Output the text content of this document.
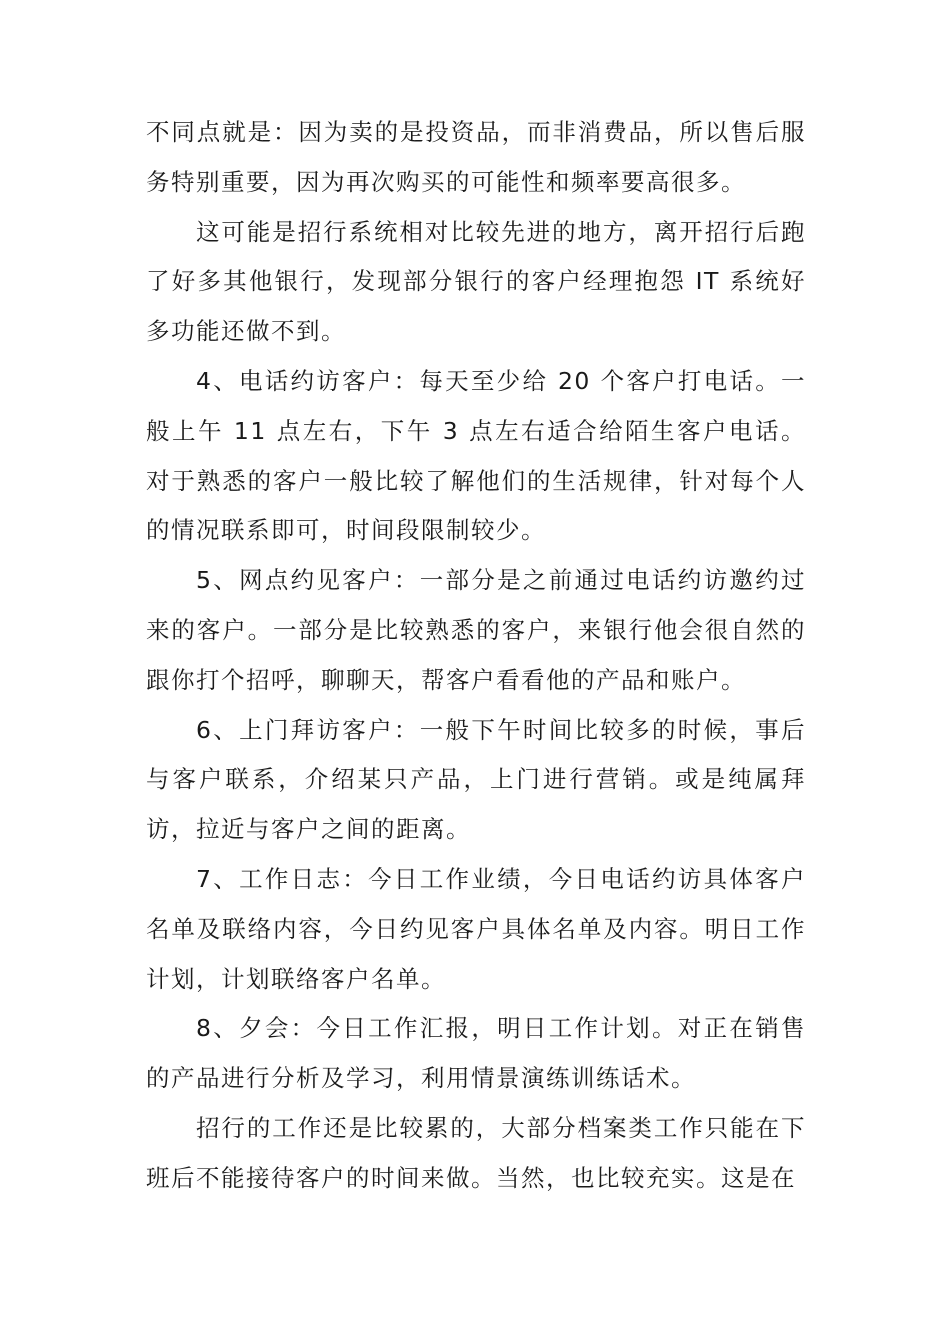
不同点就是：因为卖的是投资品，而非消费品，所以售后服务特别重要，因为再次购买的可能性和频率要高很多。

这可能是招行系统相对比较先进的地方，离开招行后跑了好多其他银行，发现部分银行的客户经理抱怨 IT 系统好多功能还做不到。

4、电话约访客户：每天至少给 20 个客户打电话。一般上午 11 点左右，下午 3 点左右适合给陌生客户电话。对于熟悉的客户一般比较了解他们的生活规律，针对每个人的情况联系即可，时间段限制较少。

5、网点约见客户：一部分是之前通过电话约访邀约过来的客户。一部分是比较熟悉的客户，来银行他会很自然的跟你打个招呼，聊聊天，帮客户看看他的产品和账户。

6、上门拜访客户：一般下午时间比较多的时候，事后与客户联系，介绍某只产品，上门进行营销。或是纯属拜访，拉近与客户之间的距离。

7、工作日志：今日工作业绩，今日电话约访具体客户名单及联络内容，今日约见客户具体名单及内容。明日工作计划，计划联络客户名单。

8、夕会：今日工作汇报，明日工作计划。对正在销售的产品进行分析及学习，利用情景演练训练话术。

招行的工作还是比较累的，大部分档案类工作只能在下班后不能接待客户的时间来做。当然，也比较充实。这是在
